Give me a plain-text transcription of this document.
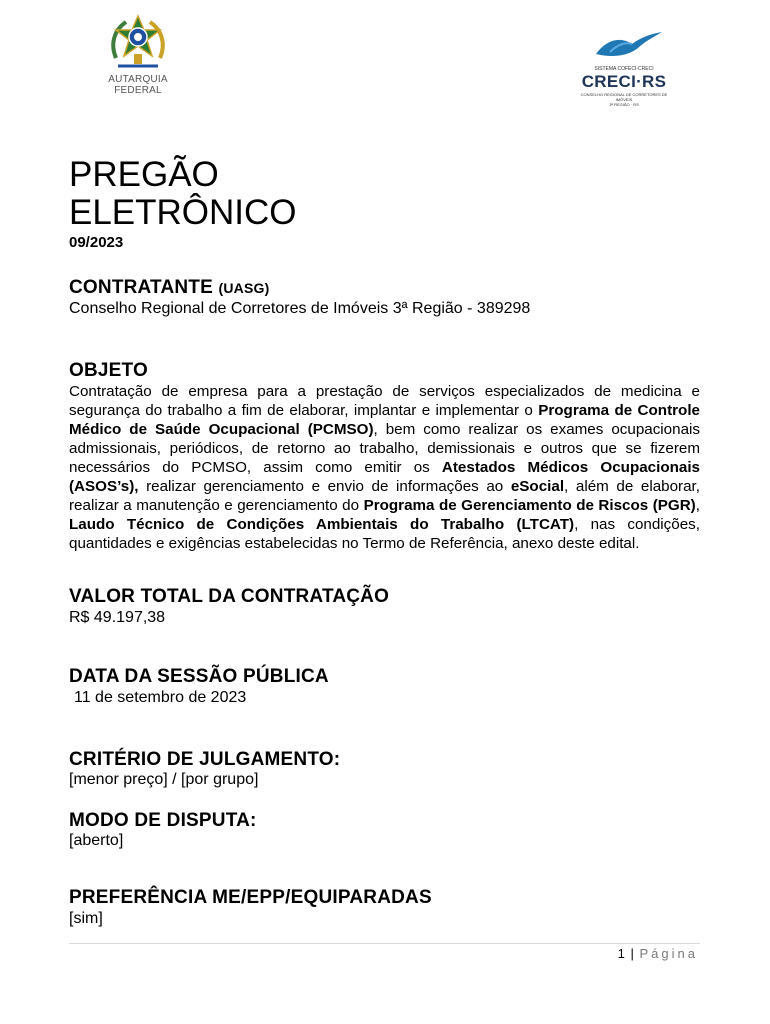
AUTARQUIA
FEDERAL
SISTEMA COFECI-CRECI
CRECI·RS
CONSELHO REGIONAL DE CORRETORES DE IMÓVEIS
3ª REGIÃO · RS
PREGÃO
ELETRÔNICO
09/2023
CONTRATANTE (UASG)
Conselho Regional de Corretores de Imóveis 3ª Região - 389298
OBJETO

Contratação de empresa para a prestação de serviços especializados de medicina e segurança do trabalho a fim de elaborar, implantar e implementar o Programa de Controle Médico de Saúde Ocupacional (PCMSO), bem como realizar os exames ocupacionais admissionais, periódicos, de retorno ao trabalho, demissionais e outros que se fizerem necessários do PCMSO, assim como emitir os Atestados Médicos Ocupacionais (ASOS’s), realizar gerenciamento e envio de informações ao eSocial, além de elaborar, realizar a manutenção e gerenciamento do Programa de Gerenciamento de Riscos (PGR), Laudo Técnico de Condições Ambientais do Trabalho (LTCAT), nas condições, quantidades e exigências estabelecidas no Termo de Referência, anexo deste edital.

VALOR TOTAL DA CONTRATAÇÃO
R$ 49.197,38
DATA DA SESSÃO PÚBLICA
11 de setembro de 2023
CRITÉRIO DE JULGAMENTO:
[menor preço] / [por grupo]
MODO DE DISPUTA:
[aberto]
PREFERÊNCIA ME/EPP/EQUIPARADAS
[sim]
1 | Página
